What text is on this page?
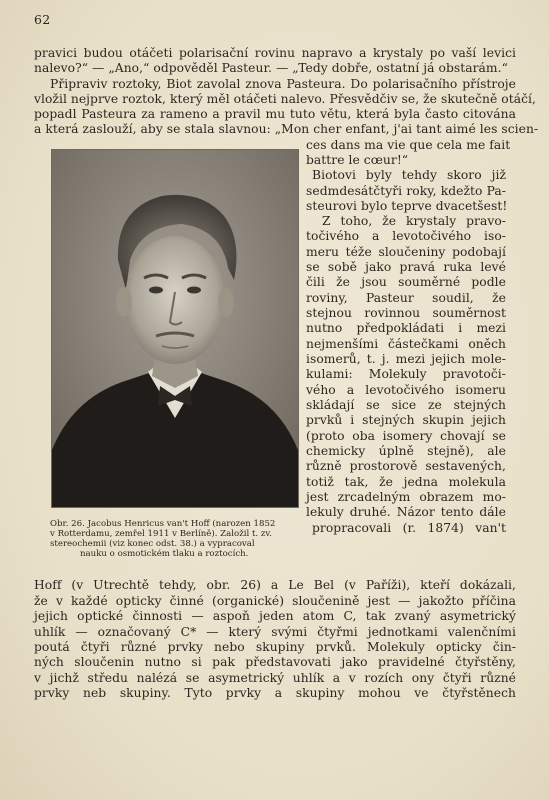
62
pravici budou otáčeti polarisační rovinu napravo a krystaly po vaší levici
nalevo?“ — „Ano,“ odpověděl Pasteur. — „Tedy dobře, ostatní já obstarám.“
Připraviv roztoky, Biot zavolal znova Pasteura. Do polarisačního přístroje
vložil nejprve roztok, který měl otáčeti nalevo. Přesvědčiv se, že skutečně otáčí,
popadl Pasteura za rameno a pravil mu tuto větu, která byla často citována
a která zaslouží, aby se stala slavnou: „Mon cher enfant, j'ai tant aimé les scien-
ces dans ma vie que cela me fait
battre le cœur!“
Obr. 26. Jacobus Henricus van't Hoff (narozen 1852
v Rotterdamu, zemřel 1911 v Berlíně). Založil t. zv.
stereochemii (viz konec odst. 38.) a vypracoval
nauku o osmotickém tlaku a roztocích.
Biotovi byly tehdy skoro již
sedmdesátčtyři roky, kdežto Pa-
steurovi bylo teprve dvacetšest!
Z toho, že krystaly pravo-
točivého a levotočivého iso-
meru téže sloučeniny podobají
se sobě jako pravá ruka levé
čili že jsou souměrné podle
roviny, Pasteur soudil, že
stejnou rovinnou souměrnost
nutno předpokládati i mezi
nejmenšími částečkami oněch
isomerů, t. j. mezi jejich mole-
kulami: Molekuly pravotoči-
vého a levotočivého isomeru
skládají se sice ze stejných
prvků i stejných skupin jejich
(proto oba isomery chovají se
chemicky úplně stejně), ale
různě prostorově sestavených,
totiž tak, že jedna molekula
jest zrcadelným obrazem mo-
lekuly druhé. Názor tento dále
propracovali (r. 1874) van't
Hoff (v Utrechtě tehdy, obr. 26) a Le Bel (v Paříži), kteří dokázali,
že v každé opticky činné (organické) sloučenině jest — jakožto příčina
jejich optické činnosti — aspoň jeden atom C, tak zvaný asymetrický
uhlík — označovaný C* — který svými čtyřmi jednotkami valenčními
poutá čtyři různé prvky nebo skupiny prvků. Molekuly opticky čin-
ných sloučenin nutno si pak představovati jako pravidelné čtyřstěny,
v jichž středu nalézá se asymetrický uhlík a v rozích ony čtyři různé
prvky neb skupiny. Tyto prvky a skupiny mohou ve čtyřstěnech
